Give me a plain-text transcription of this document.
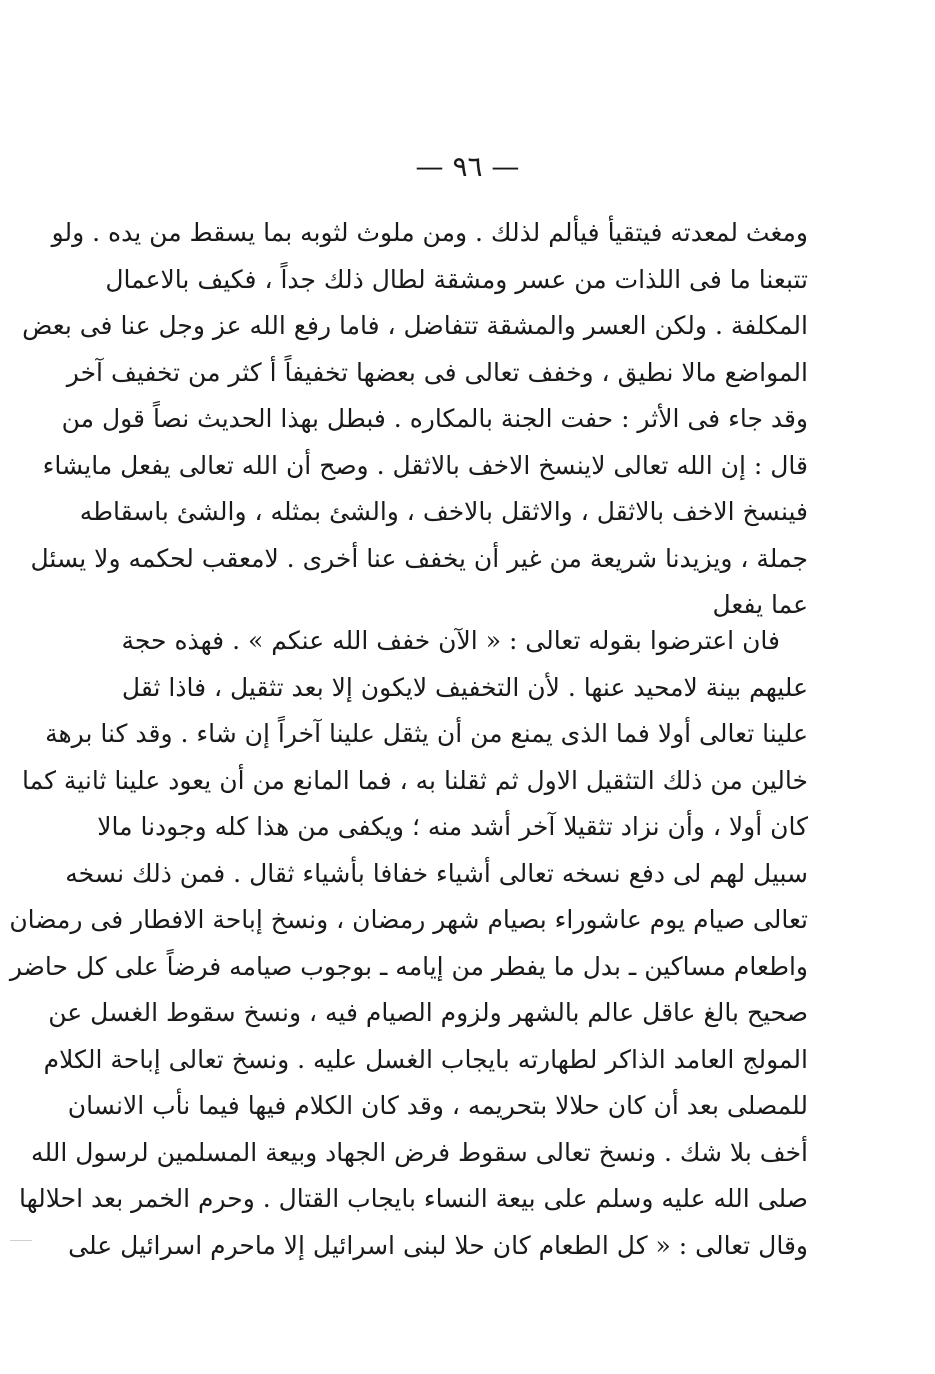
— ٩٦ —
ومغث لمعدته فيتقيأ فيألم لذلك . ومن ملوث لثوبه بما يسقط من يده . ولو
تتبعنا ما فى اللذات من عسر ومشقة لطال ذلك جداً ، فكيف بالاعمال
المكلفة . ولكن العسر والمشقة تتفاضل ، فاما رفع الله عز وجل عنا فى بعض
المواضع مالا نطيق ، وخفف تعالى فى بعضها تخفيفاً أ كثر من تخفيف آخر
وقد جاء فى الأثر : حفت الجنة بالمكاره . فبطل بهذا الحديث نصاً قول من
قال : إن الله تعالى لاينسخ الاخف بالاثقل . وصح أن الله تعالى يفعل مايشاء
فينسخ الاخف بالاثقل ، والاثقل بالاخف ، والشئ بمثله ، والشئ باسقاطه
جملة ، ويزيدنا شريعة من غير أن يخفف عنا أخرى . لامعقب لحكمه ولا يسئل
عما يفعل
فان اعترضوا بقوله تعالى : « الآن خفف الله عنكم » . فهذه حجة
عليهم بينة لامحيد عنها . لأن التخفيف لايكون إلا بعد تثقيل ، فاذا ثقل
علينا تعالى أولا فما الذى يمنع من أن يثقل علينا آخراً إن شاء . وقد كنا برهة
خالين من ذلك التثقيل الاول ثم ثقلنا به ، فما المانع من أن يعود علينا ثانية كما
كان أولا ، وأن نزاد تثقيلا آخر أشد منه ؛ ويكفى من هذا كله وجودنا مالا
سبيل لهم لى دفع نسخه تعالى أشياء خفافا بأشياء ثقال . فمن ذلك نسخه
تعالى صيام يوم عاشوراء بصيام شهر رمضان ، ونسخ إباحة الافطار فى رمضان
واطعام مساكين ـ بدل ما يفطر من إيامه ـ بوجوب صيامه فرضاً على كل حاضر
صحيح بالغ عاقل عالم بالشهر ولزوم الصيام فيه ، ونسخ سقوط الغسل عن
المولج العامد الذاكر لطهارته بايجاب الغسل عليه . ونسخ تعالى إباحة الكلام
للمصلى بعد أن كان حلالا بتحريمه ، وقد كان الكلام فيها فيما نأب الانسان
أخف بلا شك . ونسخ تعالى سقوط فرض الجهاد وبيعة المسلمين لرسول الله
صلى الله عليه وسلم على بيعة النساء بايجاب القتال . وحرم الخمر بعد احلالها
وقال تعالى : « كل الطعام كان حلا لبنى اسرائيل إلا ماحرم اسرائيل على
